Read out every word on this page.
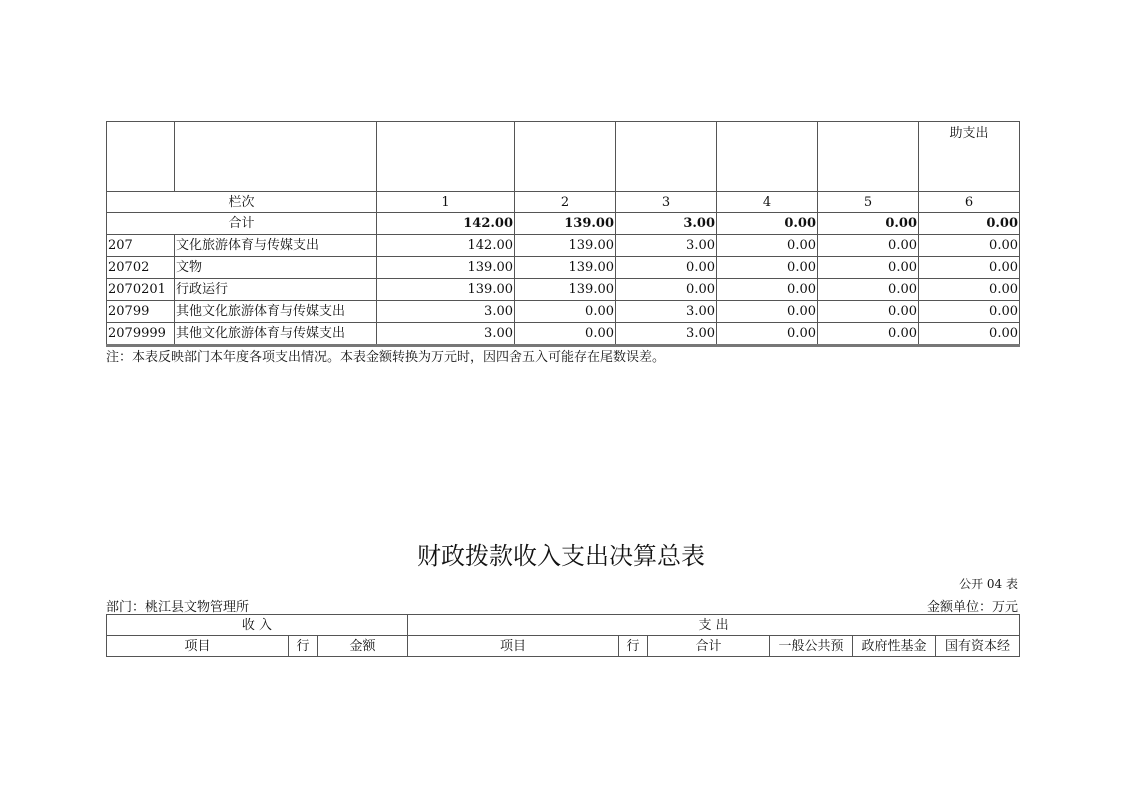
							助支出
栏次		1	2	3	4	5	6
合计		142.00	139.00	3.00	0.00	0.00	0.00
207	文化旅游体育与传媒支出	142.00	139.00	3.00	0.00	0.00	0.00
20702	文物	139.00	139.00	0.00	0.00	0.00	0.00
2070201	行政运行	139.00	139.00	0.00	0.00	0.00	0.00
20799	其他文化旅游体育与传媒支出	3.00	0.00	3.00	0.00	0.00	0.00
2079999	其他文化旅游体育与传媒支出	3.00	0.00	3.00	0.00	0.00	0.00
注：本表反映部门本年度各项支出情况。本表金额转换为万元时，因四舍五入可能存在尾数误差。
财政拨款收入支出决算总表
公开 04 表
部门：桃江县文物管理所	金额单位：万元
收 入			支 出					
项目	行	金额	项目	行	合计	一般公共预	政府性基金	国有资本经
